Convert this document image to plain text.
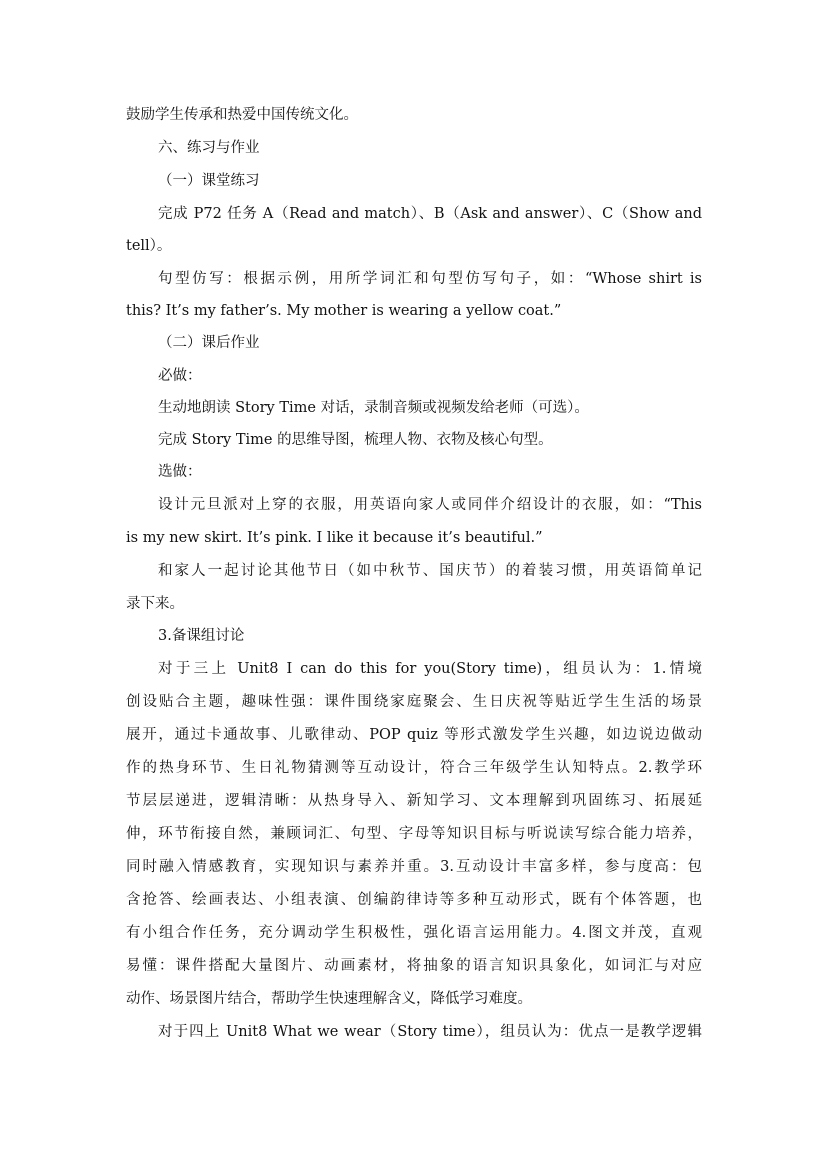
鼓励学生传承和热爱中国传统文化。
六、练习与作业
（一）课堂练习
完成 P72 任务 A（Read and match）、B（Ask and answer）、C（Show and
tell）。
句型仿写：根据示例，用所学词汇和句型仿写句子，如：“Whose shirt is
this? It’s my father’s. My mother is wearing a yellow coat.”
（二）课后作业
必做：
生动地朗读 Story Time 对话，录制音频或视频发给老师（可选）。
完成 Story Time 的思维导图，梳理人物、衣物及核心句型。
选做：
设计元旦派对上穿的衣服，用英语向家人或同伴介绍设计的衣服，如：“This
is my new skirt. It’s pink. I like it because it’s beautiful.”
和家人一起讨论其他节日（如中秋节、国庆节）的着装习惯，用英语简单记
录下来。
3.备课组讨论
对于三上 Unit8 I can do this for you(Story time)，组员认为：1.情境
创设贴合主题，趣味性强：课件围绕家庭聚会、生日庆祝等贴近学生生活的场景
展开，通过卡通故事、儿歌律动、POP quiz 等形式激发学生兴趣，如边说边做动
作的热身环节、生日礼物猜测等互动设计，符合三年级学生认知特点。2.教学环
节层层递进，逻辑清晰：从热身导入、新知学习、文本理解到巩固练习、拓展延
伸，环节衔接自然，兼顾词汇、句型、字母等知识目标与听说读写综合能力培养，
同时融入情感教育，实现知识与素养并重。3.互动设计丰富多样，参与度高：包
含抢答、绘画表达、小组表演、创编韵律诗等多种互动形式，既有个体答题，也
有小组合作任务，充分调动学生积极性，强化语言运用能力。4.图文并茂，直观
易懂：课件搭配大量图片、动画素材，将抽象的语言知识具象化，如词汇与对应
动作、场景图片结合，帮助学生快速理解含义，降低学习难度。
对于四上 Unit8 What we wear（Story time），组员认为：优点一是教学逻辑
